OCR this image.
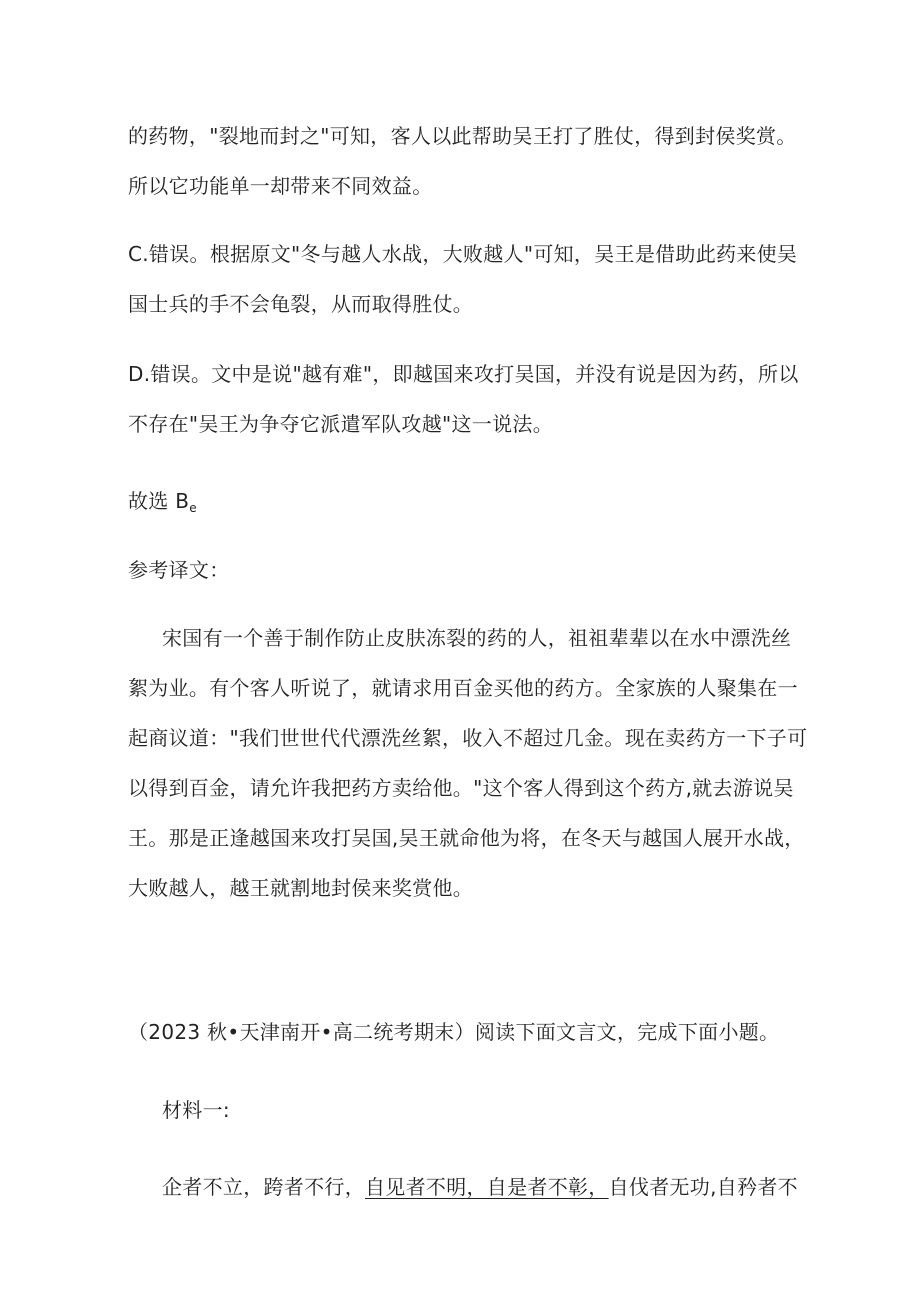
的药物，"裂地而封之"可知，客人以此帮助吴王打了胜仗，得到封侯奖赏。
所以它功能单一却带来不同效益。
C.错误。根据原文"冬与越人水战，大败越人"可知，吴王是借助此药来使吴
国士兵的手不会龟裂，从而取得胜仗。
D.错误。文中是说"越有难"，即越国来攻打吴国，并没有说是因为药，所以
不存在"吴王为争夺它派遣军队攻越"这一说法。
故选 $B_e$
参考译文：
宋国有一个善于制作防止皮肤冻裂的药的人，祖祖辈辈以在水中漂洗丝
絮为业。有个客人听说了，就请求用百金买他的药方。全家族的人聚集在一
起商议道："我们世世代代漂洗丝絮，收入不超过几金。现在卖药方一下子可
以得到百金，请允许我把药方卖给他。"这个客人得到这个药方,就去游说吴
王。那是正逢越国来攻打吴国,吴王就命他为将，在冬天与越国人展开水战，
大败越人，越王就割地封侯来奖赏他。
（2023 秋•天津南开•高二统考期末）阅读下面文言文，完成下面小题。
材料一:
企者不立，跨者不行，自见者不明，自是者不彰，自伐者无功,自矜者不
